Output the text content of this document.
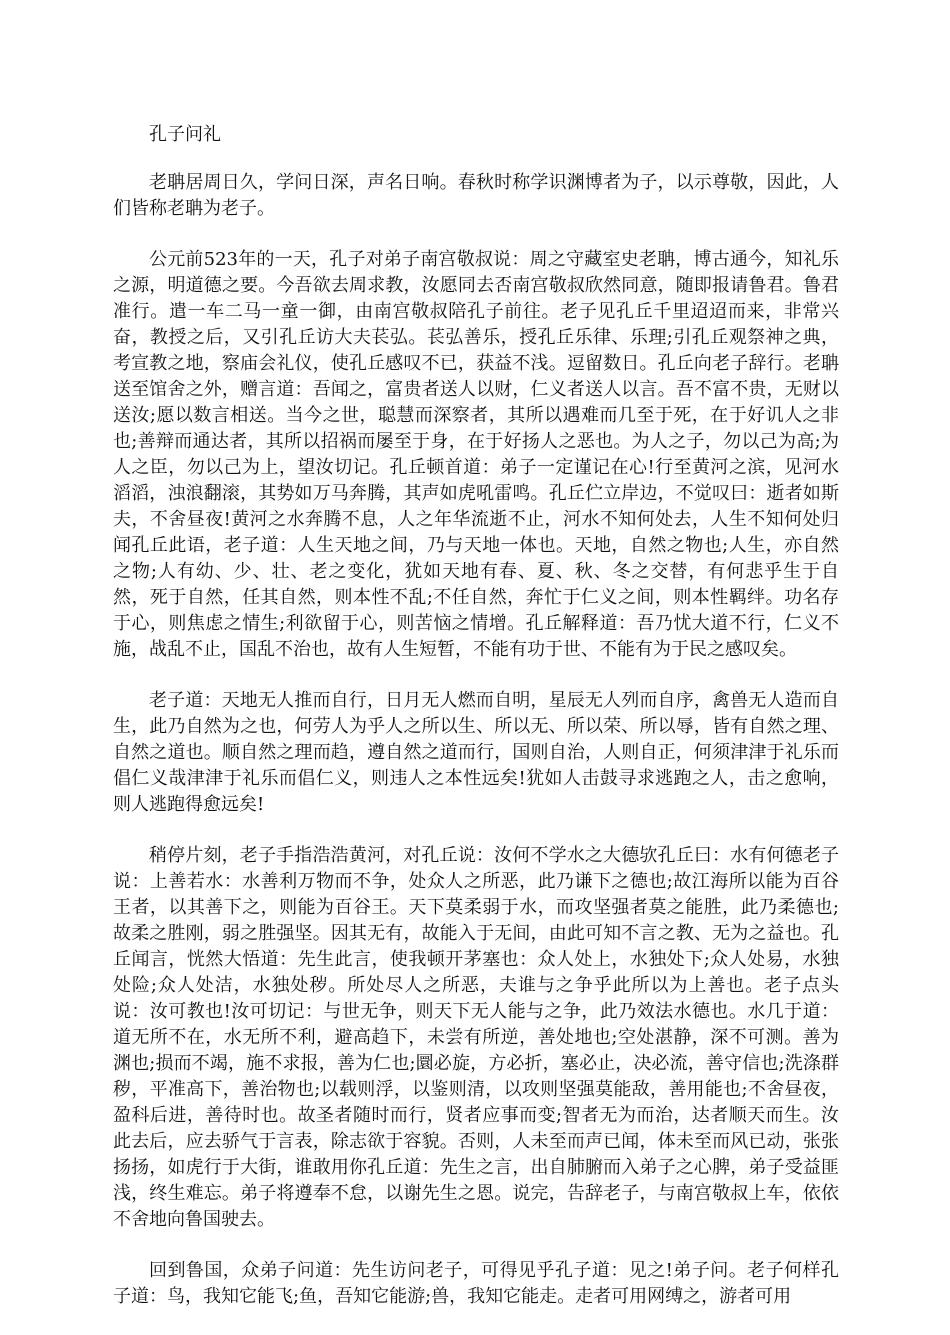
孔子问礼

老聃居周日久，学问日深，声名日响。春秋时称学识渊博者为子，以示尊敬，因此，人们皆称老聃为老子。

公元前523年的一天，孔子对弟子南宫敬叔说：周之守藏室史老聃，博古通今，知礼乐之源，明道德之要。今吾欲去周求教，汝愿同去否南宫敬叔欣然同意，随即报请鲁君。鲁君准行。遣一车二马一童一御，由南宫敬叔陪孔子前往。老子见孔丘千里迢迢而来，非常兴奋，教授之后，又引孔丘访大夫苌弘。苌弘善乐，授孔丘乐律、乐理;引孔丘观祭神之典，考宣教之地，察庙会礼仪，使孔丘感叹不已，获益不浅。逗留数日。孔丘向老子辞行。老聃送至馆舍之外，赠言道：吾闻之，富贵者送人以财，仁义者送人以言。吾不富不贵，无财以送汝;愿以数言相送。当今之世，聪慧而深察者，其所以遇难而几至于死，在于好讥人之非也;善辩而通达者，其所以招祸而屡至于身，在于好扬人之恶也。为人之子，勿以己为高;为人之臣，勿以己为上，望汝切记。孔丘顿首道：弟子一定谨记在心!行至黄河之滨，见河水滔滔，浊浪翻滚，其势如万马奔腾，其声如虎吼雷鸣。孔丘伫立岸边，不觉叹曰：逝者如斯夫，不舍昼夜!黄河之水奔腾不息，人之年华流逝不止，河水不知何处去，人生不知何处归闻孔丘此语，老子道：人生天地之间，乃与天地一体也。天地，自然之物也;人生，亦自然之物;人有幼、少、壮、老之变化，犹如天地有春、夏、秋、冬之交替，有何悲乎生于自然，死于自然，任其自然，则本性不乱;不任自然，奔忙于仁义之间，则本性羁绊。功名存于心，则焦虑之情生;利欲留于心，则苦恼之情增。孔丘解释道：吾乃忧大道不行，仁义不施，战乱不止，国乱不治也，故有人生短暂，不能有功于世、不能有为于民之感叹矣。

老子道：天地无人推而自行，日月无人燃而自明，星辰无人列而自序，禽兽无人造而自生，此乃自然为之也，何劳人为乎人之所以生、所以无、所以荣、所以辱，皆有自然之理、自然之道也。顺自然之理而趋，遵自然之道而行，国则自治，人则自正，何须津津于礼乐而倡仁义哉津津于礼乐而倡仁义，则违人之本性远矣!犹如人击鼓寻求逃跑之人，击之愈响，则人逃跑得愈远矣!

稍停片刻，老子手指浩浩黄河，对孔丘说：汝何不学水之大德欤孔丘曰：水有何德老子说：上善若水：水善利万物而不争，处众人之所恶，此乃谦下之德也;故江海所以能为百谷王者，以其善下之，则能为百谷王。天下莫柔弱于水，而攻坚强者莫之能胜，此乃柔德也;故柔之胜刚，弱之胜强坚。因其无有，故能入于无间，由此可知不言之教、无为之益也。孔丘闻言，恍然大悟道：先生此言，使我顿开茅塞也：众人处上，水独处下;众人处易，水独处险;众人处洁，水独处秽。所处尽人之所恶，夫谁与之争乎此所以为上善也。老子点头说：汝可教也!汝可切记：与世无争，则天下无人能与之争，此乃效法水德也。水几于道：道无所不在，水无所不利，避高趋下，未尝有所逆，善处地也;空处湛静，深不可测。善为渊也;损而不竭，施不求报，善为仁也;圜必旋，方必折，塞必止，决必流，善守信也;洗涤群秽，平准高下，善治物也;以载则浮，以鉴则清，以攻则坚强莫能敌，善用能也;不舍昼夜，盈科后进，善待时也。故圣者随时而行，贤者应事而变;智者无为而治，达者顺天而生。汝此去后，应去骄气于言表，除志欲于容貌。否则，人未至而声已闻，体未至而风已动，张张扬扬，如虎行于大街，谁敢用你孔丘道：先生之言，出自肺腑而入弟子之心脾，弟子受益匪浅，终生难忘。弟子将遵奉不怠，以谢先生之恩。说完，告辞老子，与南宫敬叔上车，依依不舍地向鲁国驶去。

回到鲁国，众弟子问道：先生访问老子，可得见乎孔子道：见之!弟子问。老子何样孔子道：鸟，我知它能飞;鱼，吾知它能游;兽，我知它能走。走者可用网缚之，游者可用
